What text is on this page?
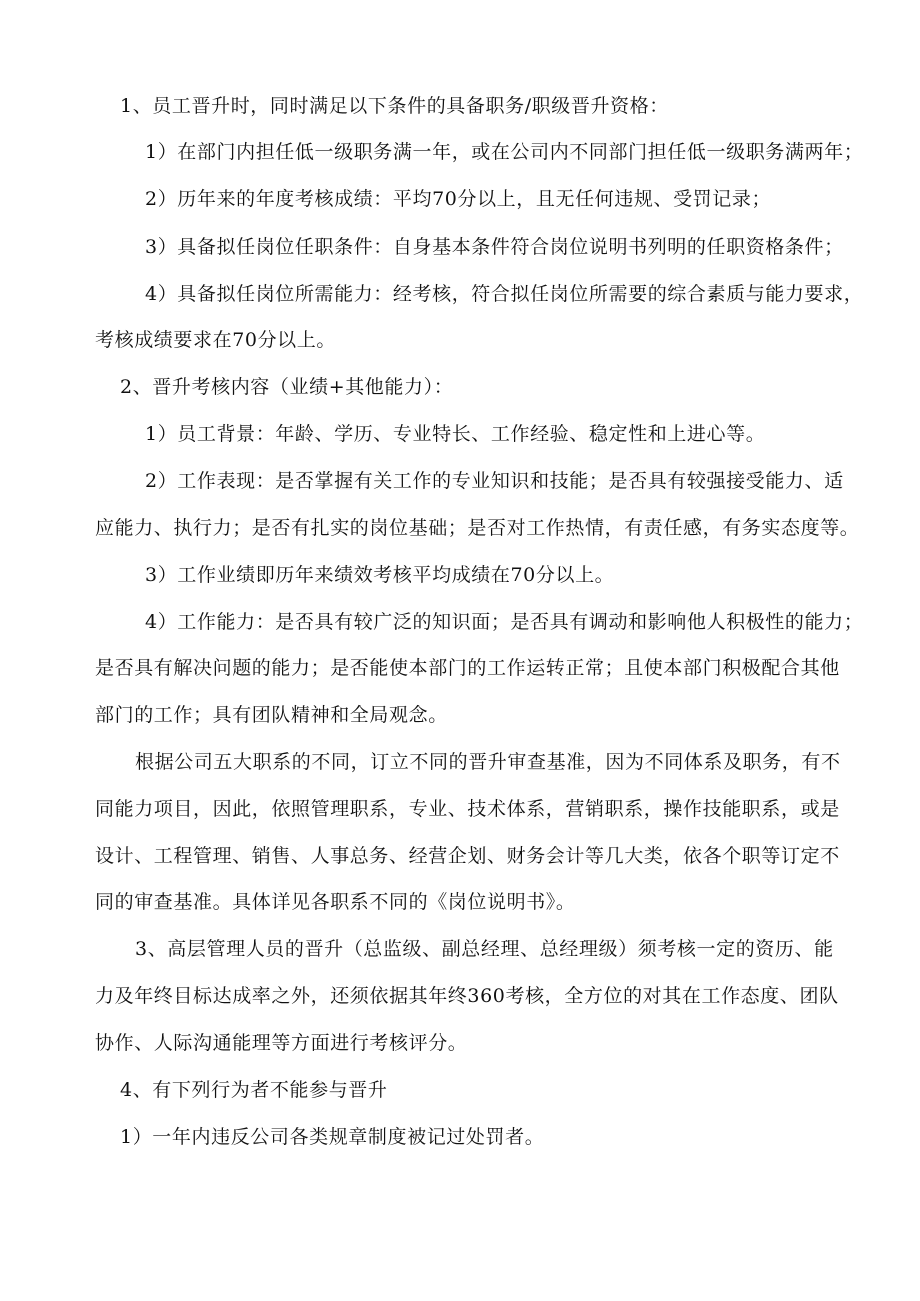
1、员工晋升时，同时满足以下条件的具备职务/职级晋升资格：
1）在部门内担任低一级职务满一年，或在公司内不同部门担任低一级职务满两年；
2）历年来的年度考核成绩：平均70分以上，且无任何违规、受罚记录；
3）具备拟任岗位任职条件：自身基本条件符合岗位说明书列明的任职资格条件；
4）具备拟任岗位所需能力：经考核，符合拟任岗位所需要的综合素质与能力要求，
考核成绩要求在70分以上。
2、晋升考核内容（业绩+其他能力）：
1）员工背景：年龄、学历、专业特长、工作经验、稳定性和上进心等。
2）工作表现：是否掌握有关工作的专业知识和技能；是否具有较强接受能力、适
应能力、执行力；是否有扎实的岗位基础；是否对工作热情，有责任感，有务实态度等。
3）工作业绩即历年来绩效考核平均成绩在70分以上。
4）工作能力：是否具有较广泛的知识面；是否具有调动和影响他人积极性的能力；
是否具有解决问题的能力；是否能使本部门的工作运转正常；且使本部门积极配合其他
部门的工作；具有团队精神和全局观念。
根据公司五大职系的不同，订立不同的晋升审查基准，因为不同体系及职务，有不
同能力项目，因此，依照管理职系，专业、技术体系，营销职系，操作技能职系，或是
设计、工程管理、销售、人事总务、经营企划、财务会计等几大类，依各个职等订定不
同的审查基准。具体详见各职系不同的《岗位说明书》。
3、高层管理人员的晋升（总监级、副总经理、总经理级）须考核一定的资历、能
力及年终目标达成率之外，还须依据其年终360考核，全方位的对其在工作态度、团队
协作、人际沟通能理等方面进行考核评分。
4、有下列行为者不能参与晋升
1）一年内违反公司各类规章制度被记过处罚者。
